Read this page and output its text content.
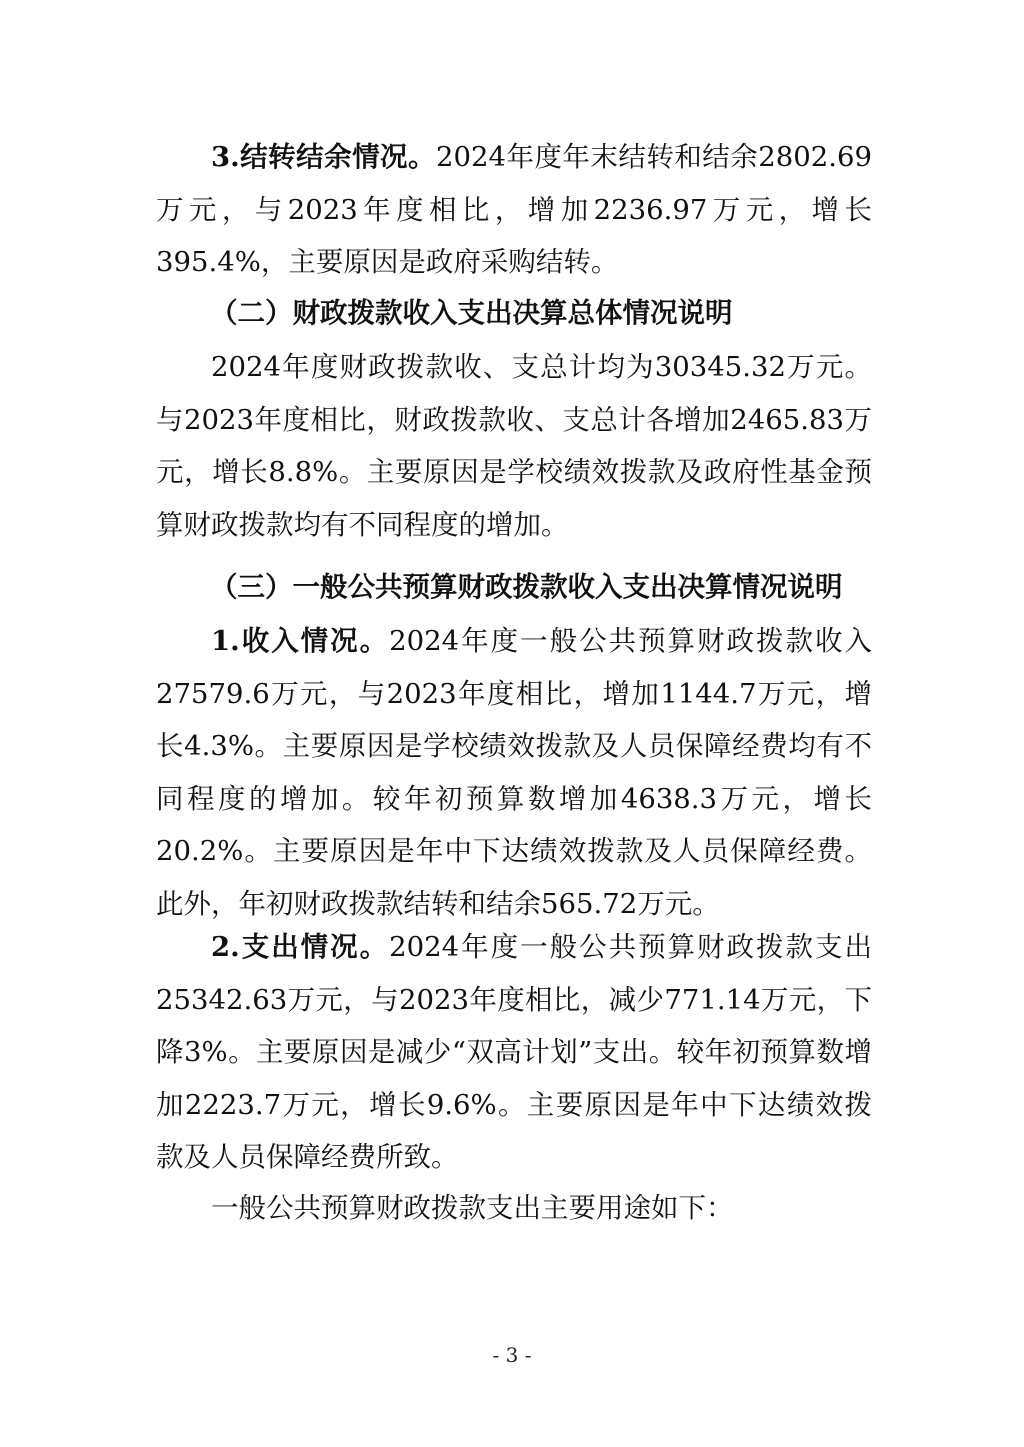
3.结转结余情况。2024年度年末结转和结余2802.69万元，与2023年度相比，增加2236.97万元，增长395.4%，主要原因是政府采购结转。
（二）财政拨款收入支出决算总体情况说明
2024年度财政拨款收、支总计均为30345.32万元。与2023年度相比，财政拨款收、支总计各增加2465.83万元，增长8.8%。主要原因是学校绩效拨款及政府性基金预算财政拨款均有不同程度的增加。
（三）一般公共预算财政拨款收入支出决算情况说明
1.收入情况。2024年度一般公共预算财政拨款收入27579.6万元，与2023年度相比，增加1144.7万元，增长4.3%。主要原因是学校绩效拨款及人员保障经费均有不同程度的增加。较年初预算数增加4638.3万元，增长20.2%。主要原因是年中下达绩效拨款及人员保障经费。此外，年初财政拨款结转和结余565.72万元。
2.支出情况。2024年度一般公共预算财政拨款支出25342.63万元，与2023年度相比，减少771.14万元，下降3%。主要原因是减少“双高计划”支出。较年初预算数增加2223.7万元，增长9.6%。主要原因是年中下达绩效拨款及人员保障经费所致。
一般公共预算财政拨款支出主要用途如下：
- 3 -
